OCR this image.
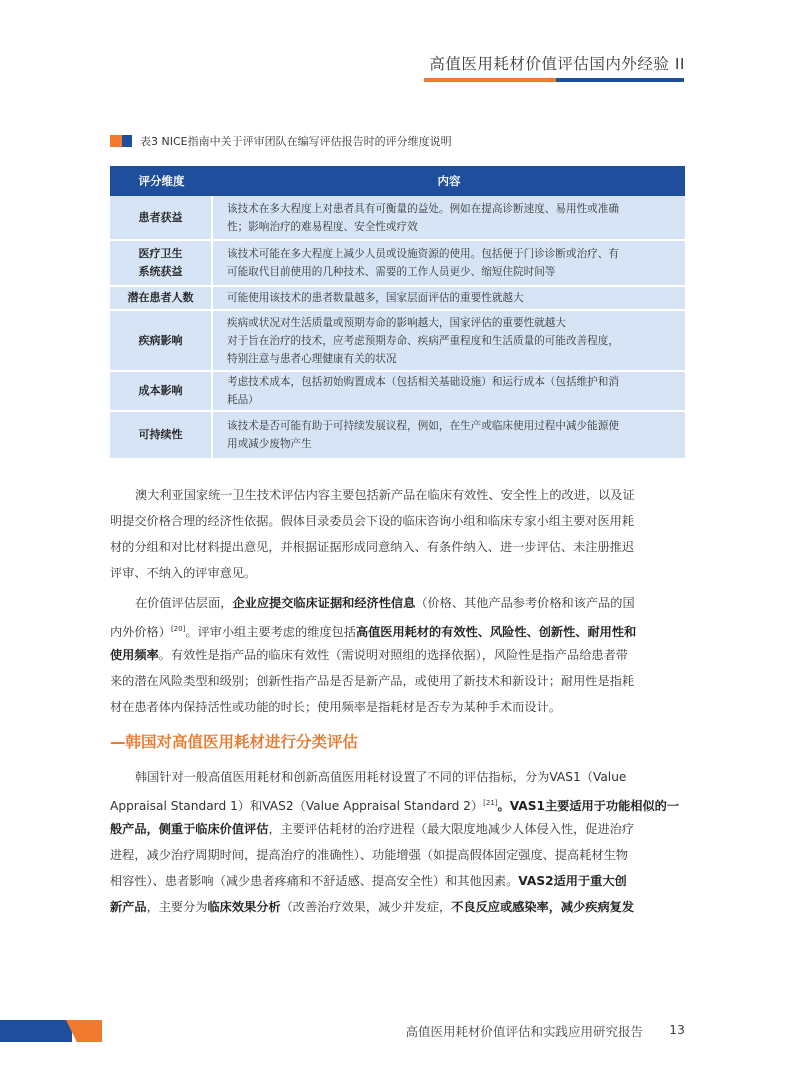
高值医用耗材价值评估国内外经验 II
表3 NICE指南中关于评审团队在编写评估报告时的评分维度说明
评分维度	内容
患者获益
该技术在多大程度上对患者具有可衡量的益处。例如在提高诊断速度、易用性或准确
性；影响治疗的难易程度、安全性或疗效
医疗卫生
系统获益
该技术可能在多大程度上减少人员或设施资源的使用。包括便于门诊诊断或治疗、有
可能取代目前使用的几种技术、需要的工作人员更少、缩短住院时间等
潜在患者人数	可能使用该技术的患者数量越多，国家层面评估的重要性就越大
疾病影响
疾病或状况对生活质量或预期寿命的影响越大，国家评估的重要性就越大
对于旨在治疗的技术，应考虑预期寿命、疾病严重程度和生活质量的可能改善程度，
特别注意与患者心理健康有关的状况
成本影响
考虑技术成本，包括初始购置成本（包括相关基础设施）和运行成本（包括维护和消
耗品）
可持续性
该技术是否可能有助于可持续发展议程，例如，在生产或临床使用过程中减少能源使
用或减少废物产生
澳大利亚国家统一卫生技术评估内容主要包括新产品在临床有效性、安全性上的改进，以及证
明提交价格合理的经济性依据。假体目录委员会下设的临床咨询小组和临床专家小组主要对医用耗
材的分组和对比材料提出意见，并根据证据形成同意纳入、有条件纳入、进一步评估、未注册推迟
评审、不纳入的评审意见。
在价值评估层面，企业应提交临床证据和经济性信息（价格、其他产品参考价格和该产品的国
内外价格）[20]。评审小组主要考虑的维度包括高值医用耗材的有效性、风险性、创新性、耐用性和
使用频率。有效性是指产品的临床有效性（需说明对照组的选择依据），风险性是指产品给患者带
来的潜在风险类型和级别；创新性指产品是否是新产品，或使用了新技术和新设计；耐用性是指耗
材在患者体内保持活性或功能的时长；使用频率是指耗材是否专为某种手术而设计。
—韩国对高值医用耗材进行分类评估
韩国针对一般高值医用耗材和创新高值医用耗材设置了不同的评估指标，分为VAS1（Value
Appraisal Standard 1）和VAS2（Value Appraisal Standard 2）[21]。VAS1主要适用于功能相似的一
般产品，侧重于临床价值评估，主要评估耗材的治疗进程（最大限度地减少人体侵入性，促进治疗
进程，减少治疗周期时间，提高治疗的准确性）、功能增强（如提高假体固定强度、提高耗材生物
相容性）、患者影响（减少患者疼痛和不舒适感、提高安全性）和其他因素。VAS2适用于重大创
新产品，主要分为临床效果分析（改善治疗效果，减少并发症，不良反应或感染率，减少疾病复发
高值医用耗材价值评估和实践应用研究报告 13
